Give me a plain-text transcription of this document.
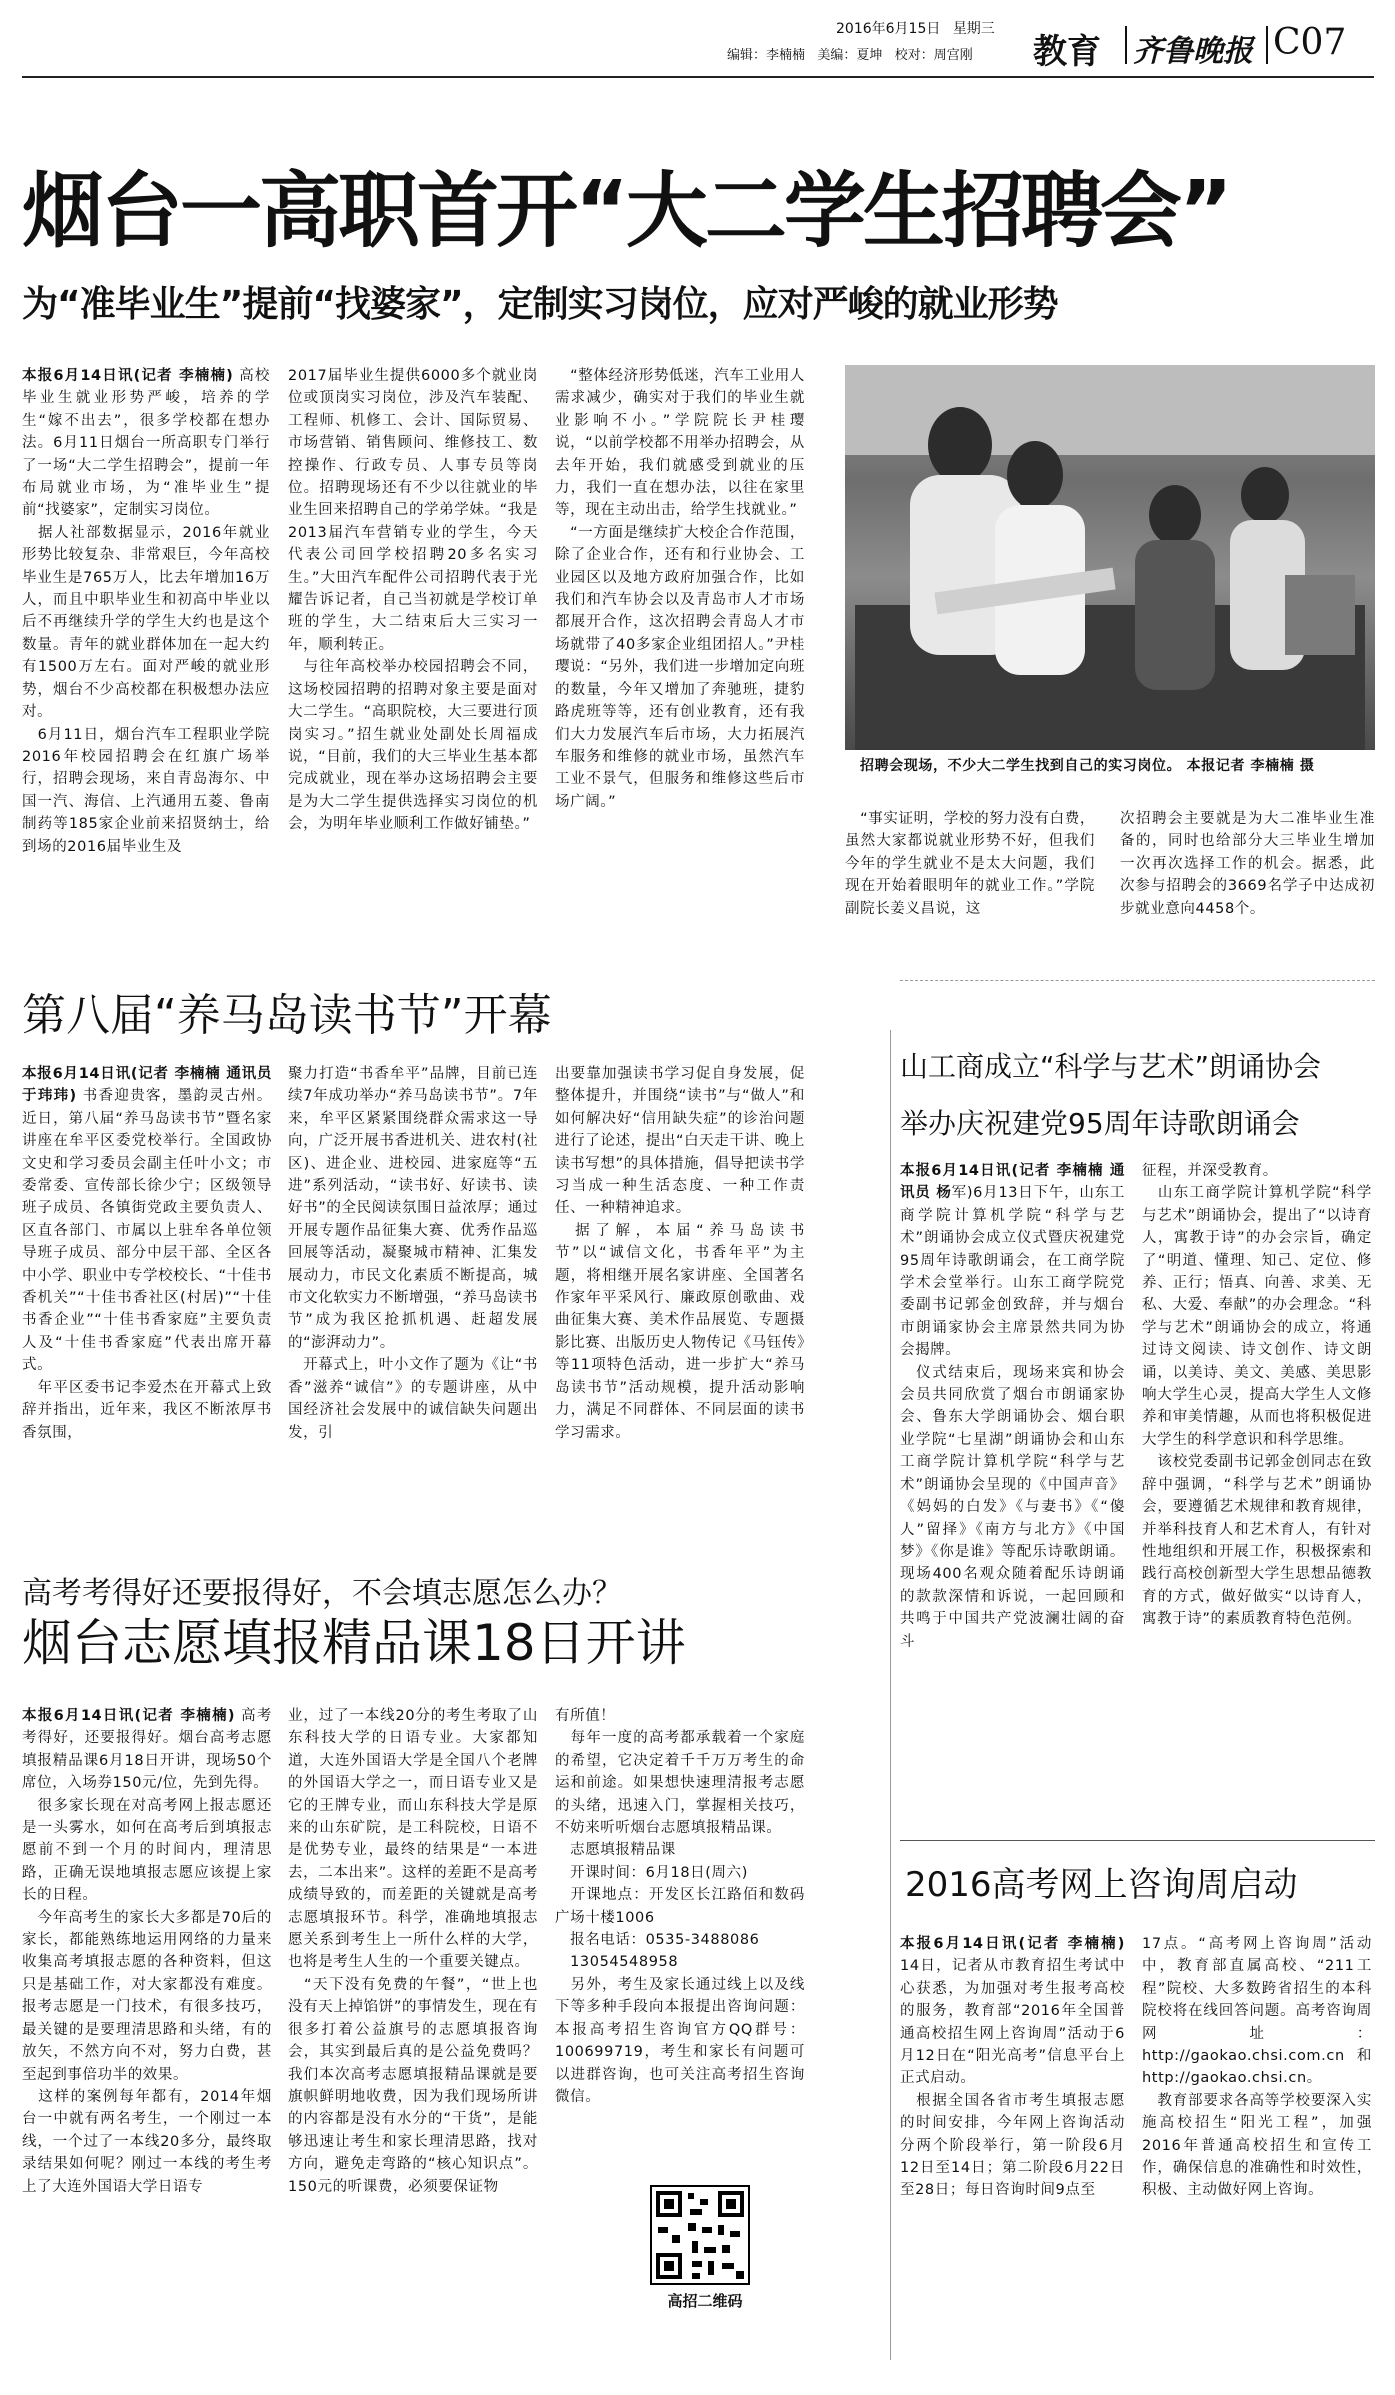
2016年6月15日 星期三
编辑：李楠楠   美编：夏坤   校对：周宫刚	教育	齐鲁晚报 C07
烟台一高职首开“大二学生招聘会”
为“准毕业生”提前“找婆家”，定制实习岗位，应对严峻的就业形势
本报6月14日讯(记者 李楠楠) 高校毕业生就业形势严峻，培养的学生“嫁不出去”，很多学校都在想办法。6月11日烟台一所高职专门举行了一场“大二学生招聘会”，提前一年布局就业市场，为“准毕业生”提前“找婆家”，定制实习岗位。
　据人社部数据显示，2016年就业形势比较复杂、非常艰巨，今年高校毕业生是765万人，比去年增加16万人，而且中职毕业生和初高中毕业以后不再继续升学的学生大约也是这个数量。青年的就业群体加在一起大约有1500万左右。面对严峻的就业形势，烟台不少高校都在积极想办法应对。
　6月11日，烟台汽车工程职业学院2016年校园招聘会在红旗广场举行，招聘会现场，来自青岛海尔、中国一汽、海信、上汽通用五菱、鲁南制药等185家企业前来招贤纳士，给到场的2016届毕业生及
2017届毕业生提供6000多个就业岗位或顶岗实习岗位，涉及汽车装配、工程师、机修工、会计、国际贸易、市场营销、销售顾问、维修技工、数控操作、行政专员、人事专员等岗位。招聘现场还有不少以往就业的毕业生回来招聘自己的学弟学妹。“我是2013届汽车营销专业的学生，今天代表公司回学校招聘20多名实习生。”大田汽车配件公司招聘代表于光耀告诉记者，自己当初就是学校订单班的学生，大二结束后大三实习一年，顺利转正。
　与往年高校举办校园招聘会不同，这场校园招聘的招聘对象主要是面对大二学生。“高职院校，大三要进行顶岗实习。”招生就业处副处长周福成说，“目前，我们的大三毕业生基本都完成就业，现在举办这场招聘会主要是为大二学生提供选择实习岗位的机会，为明年毕业顺利工作做好铺垫。”
　“整体经济形势低迷，汽车工业用人需求减少，确实对于我们的毕业生就业影响不小。”学院院长尹桂璎说，“以前学校都不用举办招聘会，从去年开始，我们就感受到就业的压力，我们一直在想办法，以往在家里等，现在主动出击，给学生找就业。”
　“一方面是继续扩大校企合作范围，除了企业合作，还有和行业协会、工业园区以及地方政府加强合作，比如我们和汽车协会以及青岛市人才市场都展开合作，这次招聘会青岛人才市场就带了40多家企业组团招人。”尹桂璎说：“另外，我们进一步增加定向班的数量，今年又增加了奔驰班，捷豹路虎班等等，还有创业教育，还有我们大力发展汽车后市场，大力拓展汽车服务和维修的就业市场，虽然汽车工业不景气，但服务和维修这些后市场广阔。”
招聘会现场，不少大二学生找到自己的实习岗位。 本报记者 李楠楠 摄
　“事实证明，学校的努力没有白费，虽然大家都说就业形势不好，但我们今年的学生就业不是太大问题，我们现在开始着眼明年的就业工作。”学院副院长姜义昌说，这
次招聘会主要就是为大二准毕业生准备的，同时也给部分大三毕业生增加一次再次选择工作的机会。据悉，此次参与招聘会的3669名学子中达成初步就业意向4458个。
第八届“养马岛读书节”开幕
本报6月14日讯(记者 李楠楠 通讯员 于玮玮) 书香迎贵客，墨韵灵古州。近日，第八届“养马岛读书节”暨名家讲座在牟平区委党校举行。全国政协文史和学习委员会副主任叶小文；市委常委、宣传部长徐少宁；区级领导班子成员、各镇街党政主要负责人、区直各部门、市属以上驻牟各单位领导班子成员、部分中层干部、全区各中小学、职业中专学校校长、“十佳书香机关”“十佳书香社区(村居)”“十佳书香企业”“十佳书香家庭”主要负责人及“十佳书香家庭”代表出席开幕式。
　年平区委书记李爱杰在开幕式上致辞并指出，近年来，我区不断浓厚书香氛围，
聚力打造“书香牟平”品牌，目前已连续7年成功举办“养马岛读书节”。7年来，牟平区紧紧围绕群众需求这一导向，广泛开展书香进机关、进农村(社区)、进企业、进校园、进家庭等“五进”系列活动，“读书好、好读书、读好书”的全民阅读氛围日益浓厚；通过开展专题作品征集大赛、优秀作品巡回展等活动，凝聚城市精神、汇集发展动力，市民文化素质不断提高，城市文化软实力不断增强，“养马岛读书节”成为我区抢抓机遇、赶超发展的“澎湃动力”。
　开幕式上，叶小文作了题为《让“书香”滋养“诚信”》的专题讲座，从中国经济社会发展中的诚信缺失问题出发，引
出要靠加强读书学习促自身发展，促整体提升，并围绕“读书”与“做人”和如何解决好“信用缺失症”的诊治问题进行了论述，提出“白天走干讲、晚上读书写想”的具体措施，倡导把读书学习当成一种生活态度、一种工作责任、一种精神追求。
　据了解，本届“养马岛读书节”以“诚信文化，书香年平”为主题，将相继开展名家讲座、全国著名作家年平采风行、廉政原创歌曲、戏曲征集大赛、美术作品展览、专题摄影比赛、出版历史人物传记《马钰传》等11项特色活动，进一步扩大“养马岛读书节”活动规模，提升活动影响力，满足不同群体、不同层面的读书学习需求。
山工商成立“科学与艺术”朗诵协会
举办庆祝建党95周年诗歌朗诵会
本报6月14日讯(记者 李楠楠 通讯员 杨军)6月13日下午，山东工商学院计算机学院“科学与艺术”朗诵协会成立仪式暨庆祝建党95周年诗歌朗诵会，在工商学院学术会堂举行。山东工商学院党委副书记郭金创致辞，并与烟台市朗诵家协会主席景然共同为协会揭牌。
　仪式结束后，现场来宾和协会会员共同欣赏了烟台市朗诵家协会、鲁东大学朗诵协会、烟台职业学院“七星湖”朗诵协会和山东工商学院计算机学院“科学与艺术”朗诵协会呈现的《中国声音》《妈妈的白发》《与妻书》《“傻人”留择》《南方与北方》《中国梦》《你是谁》等配乐诗歌朗诵。现场400名观众随着配乐诗朗诵的款款深情和诉说，一起回顾和共鸣于中国共产党波澜壮阔的奋斗
征程，并深受教育。
　山东工商学院计算机学院“科学与艺术”朗诵协会，提出了“以诗育人，寓教于诗”的办会宗旨，确定了“明道、懂理、知己、定位、修养、正行；悟真、向善、求美、无私、大爱、奉献”的办会理念。“科学与艺术”朗诵协会的成立，将通过诗文阅读、诗文创作、诗文朗诵，以美诗、美文、美感、美思影响大学生心灵，提高大学生人文修养和审美情趣，从而也将积极促进大学生的科学意识和科学思维。
　该校党委副书记郭金创同志在致辞中强调，“科学与艺术”朗诵协会，要遵循艺术规律和教育规律，并举科技育人和艺术育人，有针对性地组织和开展工作，积极探索和践行高校创新型大学生思想品德教育的方式，做好做实“以诗育人，寓教于诗”的素质教育特色范例。
高考考得好还要报得好，不会填志愿怎么办？
烟台志愿填报精品课18日开讲
本报6月14日讯(记者 李楠楠) 高考考得好，还要报得好。烟台高考志愿填报精品课6月18日开讲，现场50个席位，入场券150元/位，先到先得。
　很多家长现在对高考网上报志愿还是一头雾水，如何在高考后到填报志愿前不到一个月的时间内，理清思路，正确无误地填报志愿应该提上家长的日程。
　今年高考生的家长大多都是70后的家长，都能熟练地运用网络的力量来收集高考填报志愿的各种资料，但这只是基础工作，对大家都没有难度。报考志愿是一门技术，有很多技巧，最关键的是要理清思路和头绪，有的放矢，不然方向不对，努力白费，甚至起到事倍功半的效果。
　这样的案例每年都有，2014年烟台一中就有两名考生，一个刚过一本线，一个过了一本线20多分，最终取录结果如何呢？刚过一本线的考生考上了大连外国语大学日语专
业，过了一本线20分的考生考取了山东科技大学的日语专业。大家都知道，大连外国语大学是全国八个老牌的外国语大学之一，而日语专业又是它的王牌专业，而山东科技大学是原来的山东矿院，是工科院校，日语不是优势专业，最终的结果是“一本进去，二本出来”。这样的差距不是高考成绩导致的，而差距的关键就是高考志愿填报环节。科学，准确地填报志愿关系到考生上一所什么样的大学，也将是考生人生的一个重要关键点。
　“天下没有免费的午餐”，“世上也没有天上掉馅饼”的事情发生，现在有很多打着公益旗号的志愿填报咨询会，其实到最后真的是公益免费吗？我们本次高考志愿填报精品课就是要旗帜鲜明地收费，因为我们现场所讲的内容都是没有水分的“干货”，是能够迅速让考生和家长理清思路，找对方向，避免走弯路的“核心知识点”。150元的听课费，必须要保证物
有所值！
　每年一度的高考都承载着一个家庭的希望，它决定着千千万万考生的命运和前途。如果想快速理清报考志愿的头绪，迅速入门，掌握相关技巧，不妨来听听烟台志愿填报精品课。
　志愿填报精品课
　开课时间：6月18日(周六)
　开课地点：开发区长江路佰和数码广场十楼1006
　报名电话：0535-3488086
　13054548958
　另外，考生及家长通过线上以及线下等多种手段向本报提出咨询问题：本报高考招生咨询官方QQ群号：100699719，考生和家长有问题可以进群咨询，也可关注高考招生咨询微信。
高招二维码
2016高考网上咨询周启动
本报6月14日讯(记者 李楠楠) 14日，记者从市教育招生考试中心获悉，为加强对考生报考高校的服务，教育部“2016年全国普通高校招生网上咨询周”活动于6月12日在“阳光高考”信息平台上正式启动。
　根据全国各省市考生填报志愿的时间安排，今年网上咨询活动分两个阶段举行，第一阶段6月12日至14日；第二阶段6月22日至28日；每日咨询时间9点至
17点。“高考网上咨询周”活动中，教育部直属高校、“211工程”院校、大多数跨省招生的本科院校将在线回答问题。高考咨询周网址：http://gaokao.chsi.com.cn和http://gaokao.chsi.cn。
　教育部要求各高等学校要深入实施高校招生“阳光工程”，加强2016年普通高校招生和宣传工作，确保信息的准确性和时效性，积极、主动做好网上咨询。
